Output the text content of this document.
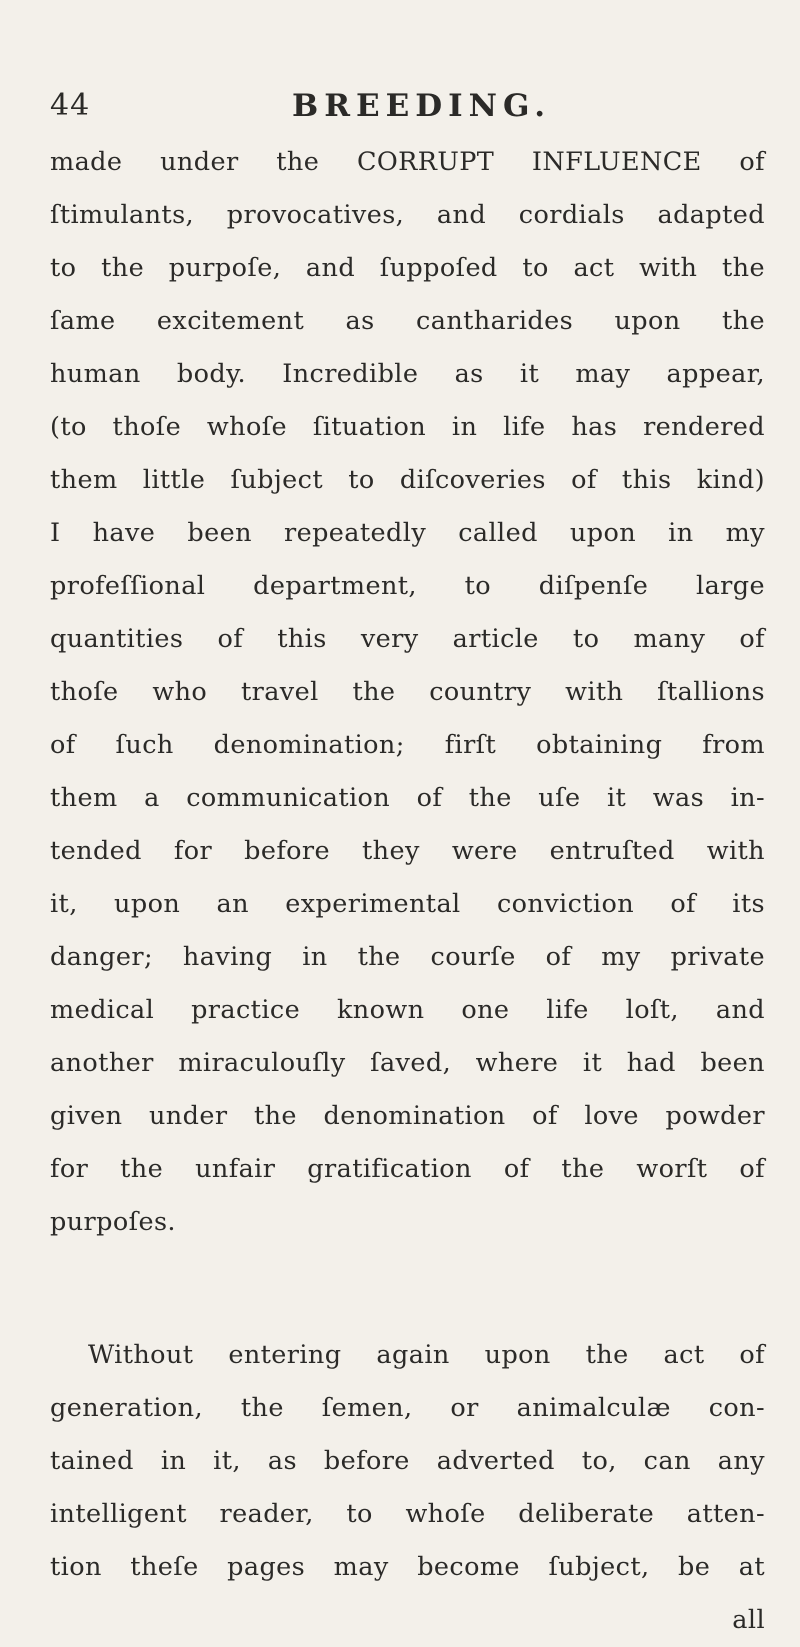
44	BREEDING.
made under the CORRUPT INFLUENCE of
ſtimulants, provocatives, and cordials adapted
to the purpoſe, and ſuppoſed to act with the
ſame excitement as cantharides upon the
human body. Incredible as it may appear,
(to thoſe whoſe ſituation in life has rendered
them little ſubject to diſcoveries of this kind)
I have been repeatedly called upon in my
profeſſional department, to diſpenſe large
quantities of this very article to many of
thoſe who travel the country with ſtallions
of ſuch denomination; firſt obtaining from
them a communication of the uſe it was in-
tended for before they were entruſted with
it, upon an experimental conviction of its
danger; having in the courſe of my private
medical practice known one life loſt, and
another miraculouſly ſaved, where it had been
given under the denomination of love powder
for the unfair gratification of the worſt of
purpoſes.
Without entering again upon the act of
generation, the ſemen, or animalculæ con-
tained in it, as before adverted to, can any
intelligent reader, to whoſe deliberate atten-
tion theſe pages may become ſubject, be at
all
